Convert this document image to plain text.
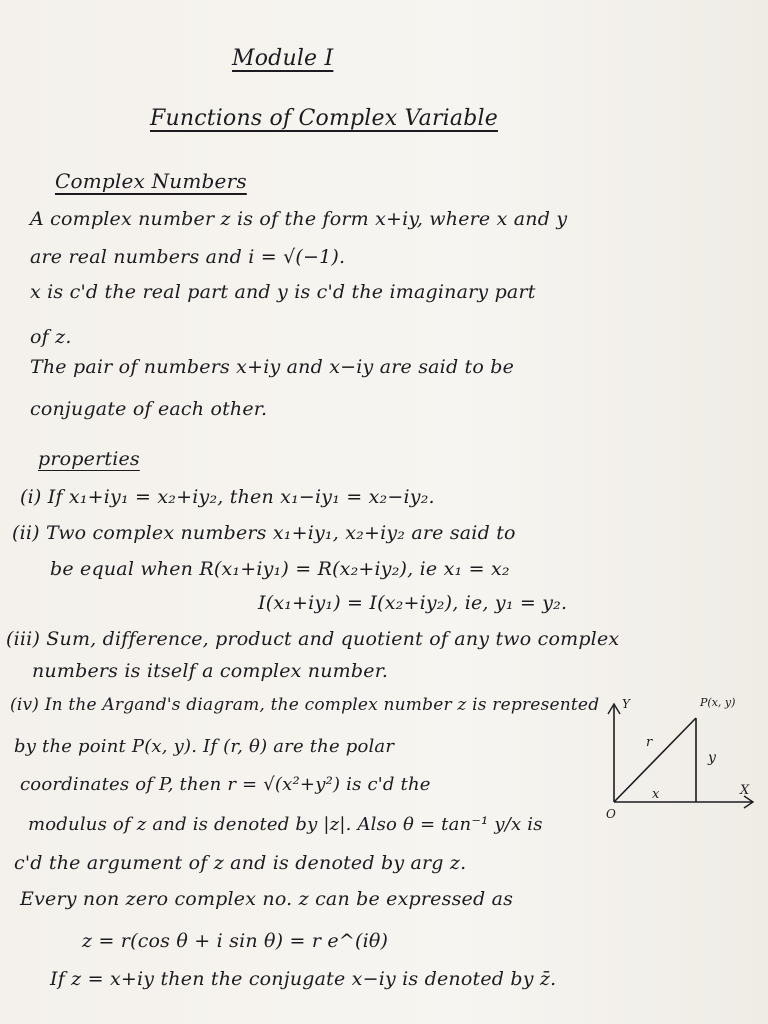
Module I
Functions of Complex Variable
Complex Numbers
A complex number z is of the form x+iy, where x and y
are real numbers and i = √(−1).
x is c'd the real part and y is c'd the imaginary part
of z.
The pair of numbers x+iy and x−iy are said to be
conjugate of each other.
properties
(i) If x₁+iy₁ = x₂+iy₂, then x₁−iy₁ = x₂−iy₂.
(ii) Two complex numbers x₁+iy₁, x₂+iy₂ are said to
be equal when R(x₁+iy₁) = R(x₂+iy₂), ie x₁ = x₂
I(x₁+iy₁) = I(x₂+iy₂), ie, y₁ = y₂.
(iii) Sum, difference, product and quotient of any two complex
numbers is itself a complex number.
(iv) In the Argand's diagram, the complex number z is represented
by the point P(x, y). If (r, θ) are the polar
coordinates of P, then r = √(x²+y²) is c'd the
modulus of z and is denoted by |z|. Also θ = tan⁻¹ y/x is
c'd the argument of z and is denoted by arg z.
Every non zero complex no. z can be expressed as
z = r(cos θ + i sin θ) = r e^(iθ)
If z = x+iy then the conjugate x−iy is denoted by z̄.
Y
X
O
P(x, y)
r
y
x
